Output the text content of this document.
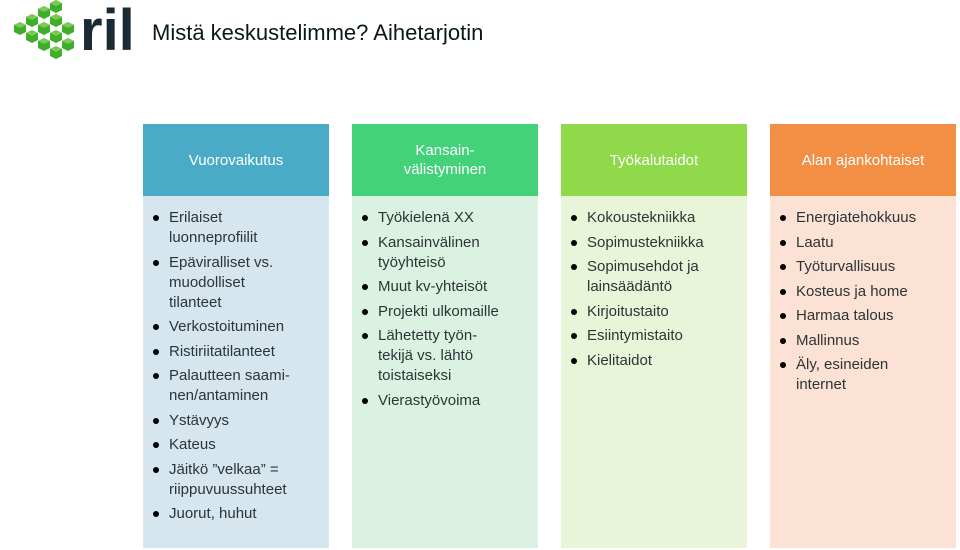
ril Mistä keskustelimme? Aihetarjotin
Vuorovaikutus
Erilaiset
luonneprofiilit
Epäviralliset vs.
muodolliset
tilanteet
Verkostoituminen
Ristiriitatilanteet
Palautteen saami-
nen/antaminen
Ystävyys
Kateus
Jäitkö ”velkaa” =
riippuvuussuhteet
Juorut, huhut
Kansain-
välistyminen
Työkielenä XX
Kansainvälinen
työyhteisö
Muut kv-yhteisöt
Projekti ulkomaille
Lähetetty työn-
tekijä vs. lähtö
toistaiseksi
Vierastyövoima
Työkalutaidot
Kokoustekniikka
Sopimustekniikka
Sopimusehdot ja
lainsäädäntö
Kirjoitustaito
Esiintymistaito
Kielitaidot
Alan ajankohtaiset
Energiatehokkuus
Laatu
Työturvallisuus
Kosteus ja home
Harmaa talous
Mallinnus
Äly, esineiden
internet
